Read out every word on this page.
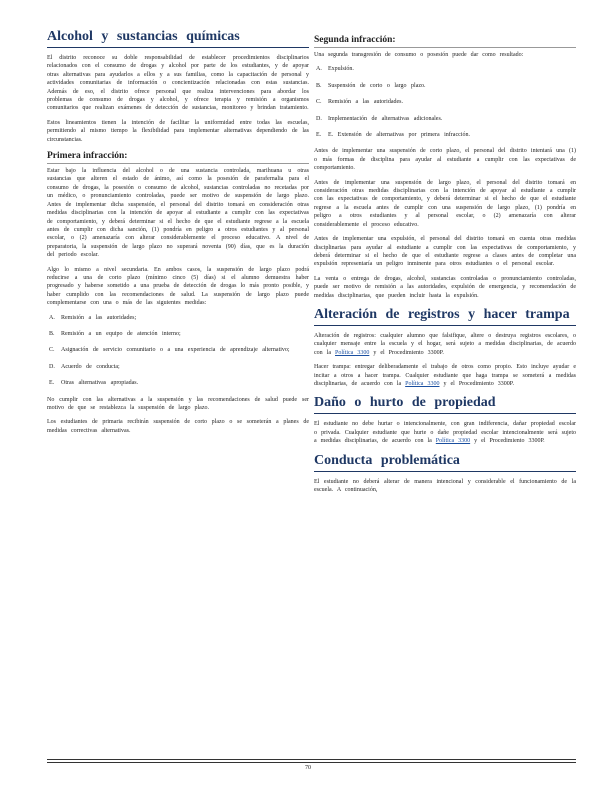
Alcohol y sustancias químicas

El distrito reconoce su doble responsabilidad de establecer procedimientos disciplinarios relacionados con el consumo de drogas y alcohol por parte de los estudiantes, y de apoyar otras alternativas para ayudarlos a ellos y a sus familias, como la capacitación de personal y actividades comunitarias de información o concientización relacionadas con estas sustancias. Además de eso, el distrito ofrece personal que realiza intervenciones para abordar los problemas de consumo de drogas y alcohol, y ofrece terapia y remisión a organismos comunitarios que realizan exámenes de detección de sustancias, monitoreo y brindan tratamiento.

Estos lineamientos tienen la intención de facilitar la uniformidad entre todas las escuelas, permitiendo al mismo tiempo la flexibilidad para implementar alternativas dependiendo de las circunstancias.

Primera infracción:

Estar bajo la influencia del alcohol o de una sustancia controlada, marihuana u otras sustancias que alteren el estado de ánimo, así como la posesión de parafernalia para el consumo de drogas, la posesión o consumo de alcohol, sustancias controladas no recetadas por un médico, o pronunciamiento controladas, puede ser motivo de suspensión de largo plazo. Antes de implementar dicha suspensión, el personal del distrito tomará en consideración otras medidas disciplinarias con la intención de apoyar al estudiante a cumplir con las expectativas de comportamiento, y deberá determinar si el hecho de que el estudiante regrese a la escuela antes de cumplir con dicha sanción, (1) pondría en peligro a otros estudiantes y al personal escolar, o (2) amenazaría con alterar considerablemente el proceso educativo. A nivel de preparatoria, la suspensión de largo plazo no superará noventa (90) días, que es la duración del periodo escolar.

Algo lo mismo a nivel secundaria. En ambos casos, la suspensión de largo plazo podrá reducirse a una de corto plazo (mínimo cinco (5) días) si el alumno demuestra haber progresado y haberse sometido a una prueba de detección de drogas lo más pronto posible, y haber cumplido con las recomendaciones de salud. La suspensión de largo plazo puede complementarse con una o más de las siguientes medidas:

A. Remisión a las autoridades;
B. Remisión a un equipo de atención interno;
C. Asignación de servicio comunitario o a una experiencia de aprendizaje alternativo;
D. Acuerdo de conducta;
E. Otras alternativas apropiadas.

No cumplir con las alternativas a la suspensión y las recomendaciones de salud puede ser motivo de que se restablezca la suspensión de largo plazo.

Los estudiantes de primaria recibirán suspensión de corto plazo o se someterán a planes de medidas correctivas alternativas.

Segunda infracción:

Una segunda transgresión de consumo o posesión puede dar como resultado:

A. Expulsión.
B. Suspensión de corto o largo plazo.
C. Remisión a las autoridades.
D. Implementación de alternativas adicionales.
E. E. Extensión de alternativas por primera infracción.

Antes de implementar una suspensión de corto plazo, el personal del distrito intentará una (1) o más formas de disciplina para ayudar al estudiante a cumplir con las expectativas de comportamiento.

Antes de implementar una suspensión de largo plazo, el personal del distrito tomará en consideración otras medidas disciplinarias con la intención de apoyar al estudiante a cumplir con las expectativas de comportamiento, y deberá determinar si el hecho de que el estudiante regrese a la escuela antes de cumplir con una suspensión de largo plazo, (1) pondría en peligro a otros estudiantes y al personal escolar, o (2) amenazaría con alterar considerablemente el proceso educativo.

Antes de implementar una expulsión, el personal del distrito tomará en cuenta otras medidas disciplinarias para ayudar al estudiante a cumplir con las expectativas de comportamiento, y deberá determinar si el hecho de que el estudiante regrese a clases antes de completar una expulsión representaría un peligro inminente para otros estudiantes o el personal escolar.

La venta o entrega de drogas, alcohol, sustancias controladas o pronunciamiento controladas, puede ser motivo de remisión a las autoridades, expulsión de emergencia, y recomendación de medidas disciplinarias, que pueden incluir hasta la expulsión.

Alteración de registros y hacer trampa

Alteración de registros: cualquier alumno que falsifique, altere o destruya registros escolares, o cualquier mensaje entre la escuela y el hogar, será sujeto a medidas disciplinarias, de acuerdo con la Política 3300 y el Procedimiento 3300P.

Hacer trampa: entregar deliberadamente el trabajo de otros como propio. Esto incluye ayudar e incitar a otros a hacer trampa. Cualquier estudiante que haga trampa se someterá a medidas disciplinarias, de acuerdo con la Política 3300 y el Procedimiento 3300P.

Daño o hurto de propiedad

El estudiante no debe hurtar o intencionalmente, con gran indiferencia, dañar propiedad escolar o privada. Cualquier estudiante que hurte o dañe propiedad escolar intencionalmente será sujeto a medidas disciplinarias, de acuerdo con la Política 3300 y el Procedimiento 3300P.

Conducta problemática

El estudiante no deberá alterar de manera intencional y considerable el funcionamiento de la escuela. A continuación,

70
